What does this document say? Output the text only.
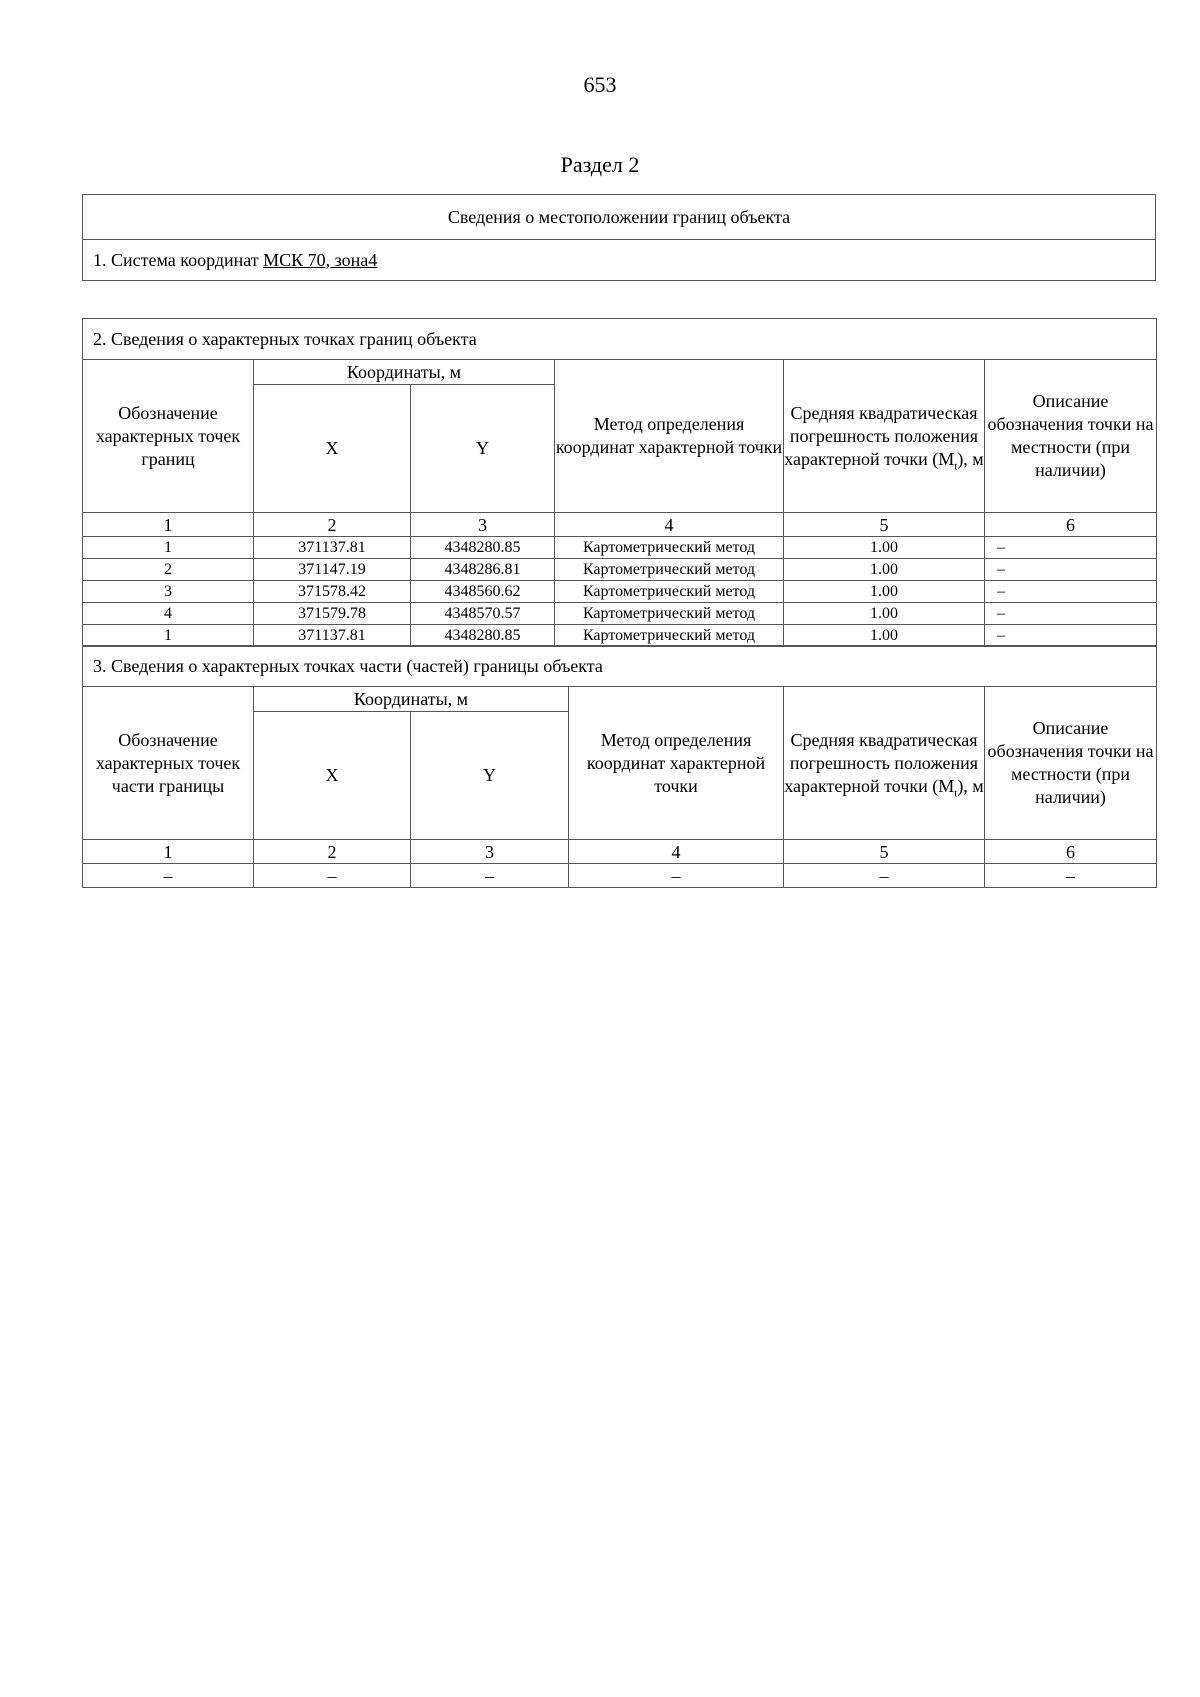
653
Раздел 2
Сведения о местоположении границ объекта
1. Система координат МСК 70, зона4
2. Сведения о характерных точках границ объекта					
Обозначение характерных точек границ	Координаты, м		Метод определения координат характерной точки	Средняя квадратическая погрешность положения характерной точки $(M_t)$, м	Описание обозначения точки на местности (при наличии)
	X	Y			
1	2	3	4	5	6
1	371137.81	4348280.85	Картометрический метод	1.00	–
2	371147.19	4348286.81	Картометрический метод	1.00	–
3	371578.42	4348560.62	Картометрический метод	1.00	–
4	371579.78	4348570.57	Картометрический метод	1.00	–
1	371137.81	4348280.85	Картометрический метод	1.00	–
3. Сведения о характерных точках части (частей) границы объекта					
Обозначение характерных точек части границы	Координаты, м		Метод определения координат характерной точки	Средняя квадратическая погрешность положения характерной точки $(M_t)$, м	Описание обозначения точки на местности (при наличии)
	X	Y			
1	2	3	4	5	6
–	–	–	–	–	–
